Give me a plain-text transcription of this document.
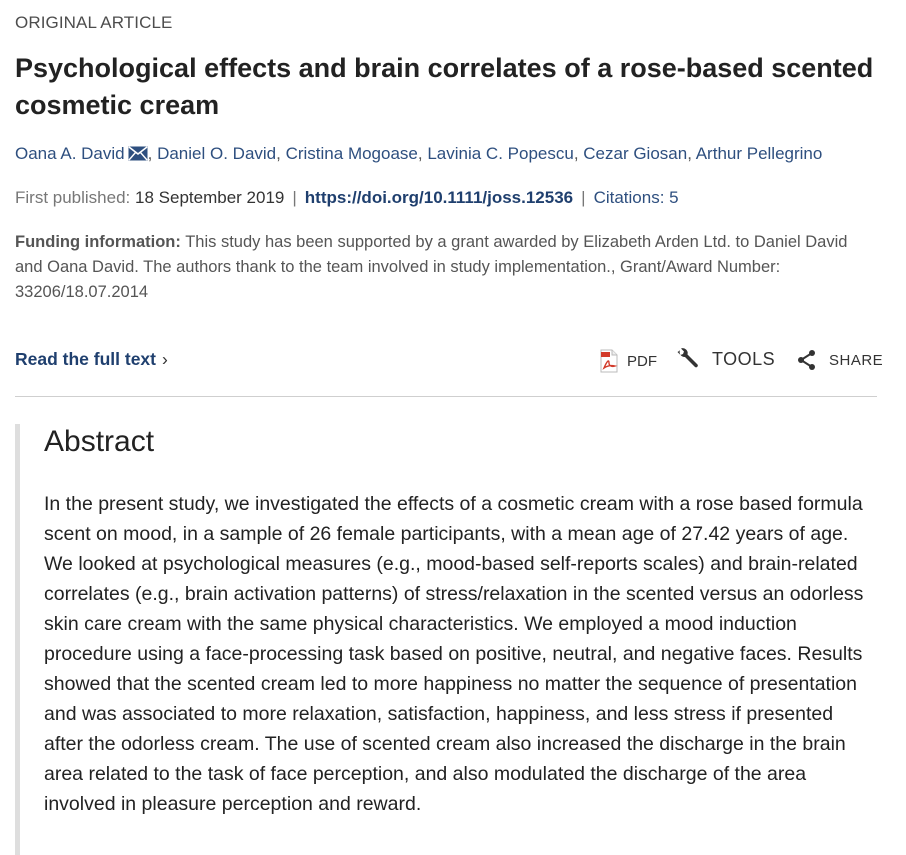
ORIGINAL ARTICLE
Psychological effects and brain correlates of a rose-based scented cosmetic cream
Oana A. David , Daniel O. David, Cristina Mogoase, Lavinia C. Popescu, Cezar Giosan, Arthur Pellegrino
First published: 18 September 2019 | https://doi.org/10.1111/joss.12536 | Citations: 5
Funding information: This study has been supported by a grant awarded by Elizabeth Arden Ltd. to Daniel David and Oana David. The authors thank to the team involved in study implementation., Grant/Award Number: 33206/18.07.2014
Read the full text ›	PDF	TOOLS	SHARE
Abstract

In the present study, we investigated the effects of a cosmetic cream with a rose based formula scent on mood, in a sample of 26 female participants, with a mean age of 27.42 years of age. We looked at psychological measures (e.g., mood-based self-reports scales) and brain-related correlates (e.g., brain activation patterns) of stress/relaxation in the scented versus an odorless skin care cream with the same physical characteristics. We employed a mood induction procedure using a face-processing task based on positive, neutral, and negative faces. Results showed that the scented cream led to more happiness no matter the sequence of presentation and was associated to more relaxation, satisfaction, happiness, and less stress if presented after the odorless cream. The use of scented cream also increased the discharge in the brain area related to the task of face perception, and also modulated the discharge of the area involved in pleasure perception and reward.
